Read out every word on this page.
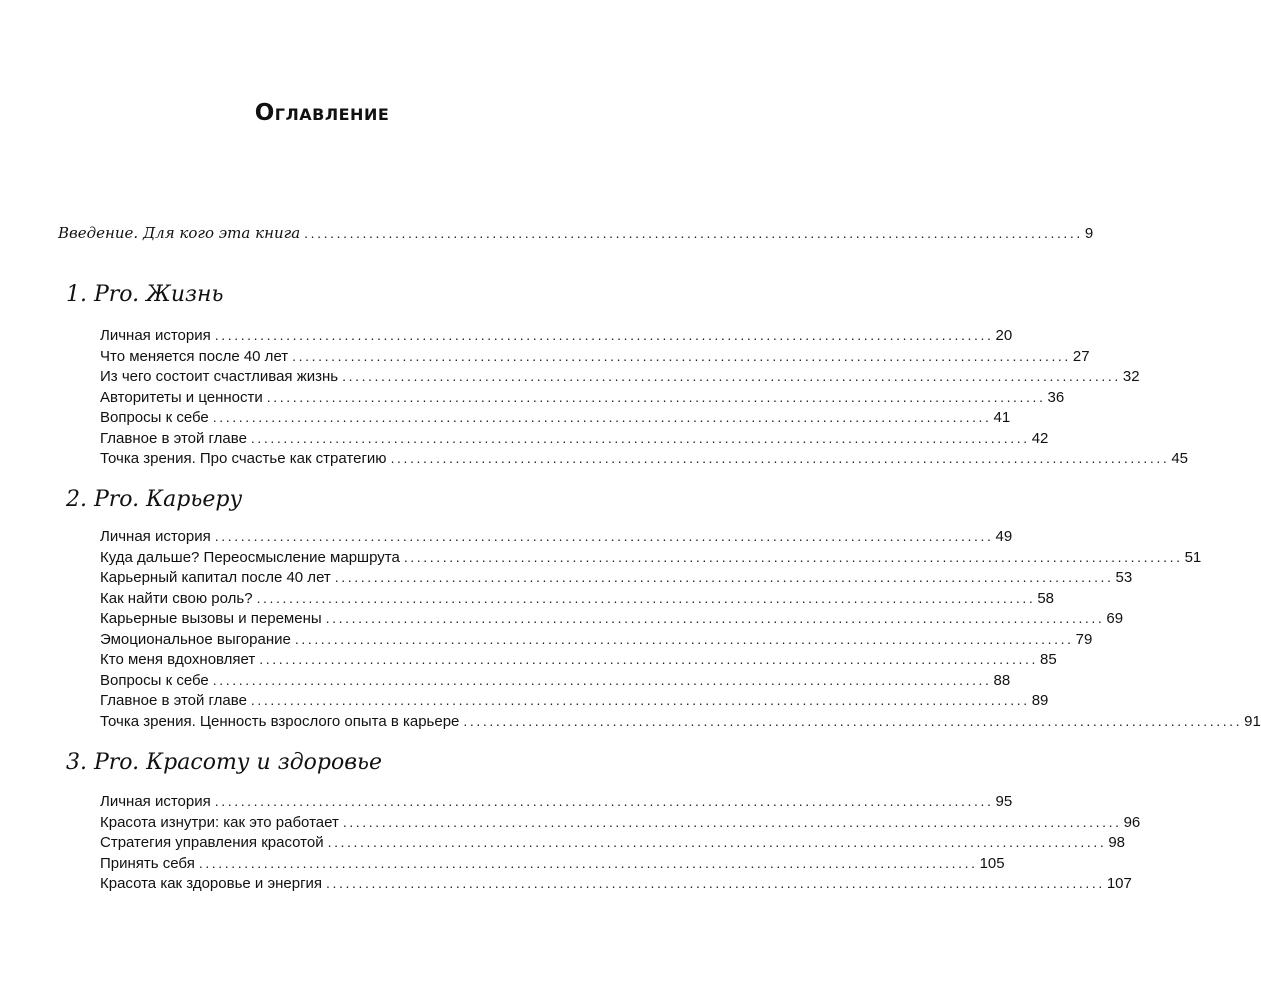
Оглавление
Введение. Для кого эта книга ........................................................................................................................ 9
1. Pro. Жизнь
Личная история ........................................................................................................................ 20
Что меняется после 40 лет ........................................................................................................................ 27
Из чего состоит счастливая жизнь ........................................................................................................................ 32
Авторитеты и ценности ........................................................................................................................ 36
Вопросы к себе ........................................................................................................................ 41
Главное в этой главе ........................................................................................................................ 42
Точка зрения. Про счастье как стратегию ........................................................................................................................ 45
2. Pro. Карьеру
Личная история ........................................................................................................................ 49
Куда дальше? Переосмысление маршрута ........................................................................................................................ 51
Карьерный капитал после 40 лет ........................................................................................................................ 53
Как найти свою роль? ........................................................................................................................ 58
Карьерные вызовы и перемены ........................................................................................................................ 69
Эмоциональное выгорание ........................................................................................................................ 79
Кто меня вдохновляет ........................................................................................................................ 85
Вопросы к себе ........................................................................................................................ 88
Главное в этой главе ........................................................................................................................ 89
Точка зрения. Ценность взрослого опыта в карьере ........................................................................................................................ 91
3. Pro. Красоту и здоровье
Личная история ........................................................................................................................ 95
Красота изнутри: как это работает ........................................................................................................................ 96
Стратегия управления красотой ........................................................................................................................ 98
Принять себя ........................................................................................................................ 105
Красота как здоровье и энергия ........................................................................................................................ 107
